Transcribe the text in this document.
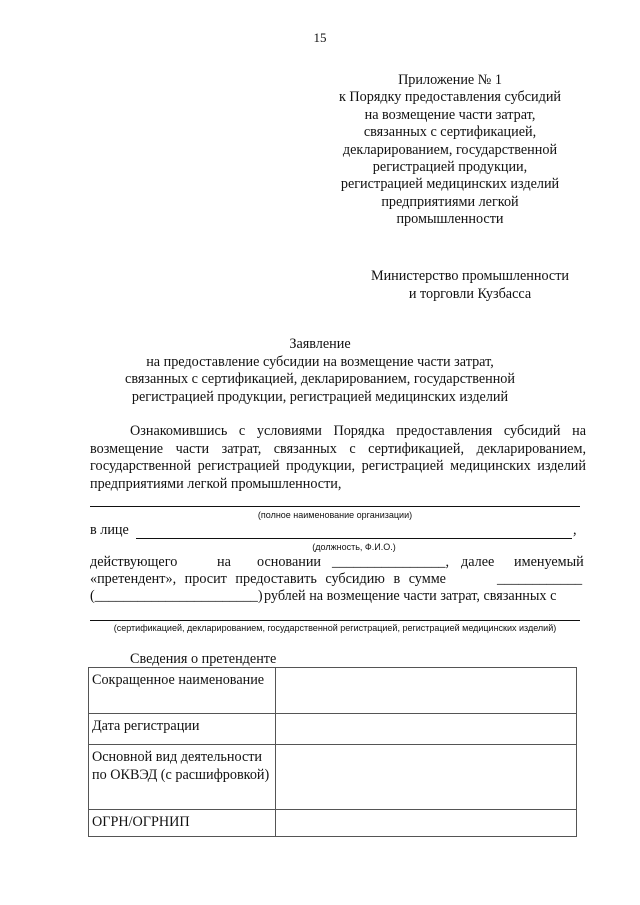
15
Приложение № 1
к Порядку предоставления субсидий
на возмещение части затрат,
связанных с сертификацией,
декларированием, государственной
регистрацией продукции,
регистрацией медицинских изделий
предприятиями легкой
промышленности
Министерство промышленности
и торговли Кузбасса
Заявление
на предоставление субсидии на возмещение части затрат,
связанных с сертификацией, декларированием, государственной
регистрацией продукции, регистрацией медицинских изделий
Ознакомившись с условиями Порядка предоставления субсидий на возмещение части затрат, связанных с сертификацией, декларированием, государственной регистрацией продукции, регистрацией медицинских изделий предприятиями легкой промышленности,
(полное наименование организации)
в лице	,
(должность, Ф.И.О.)
действующего	на основании ________________, далее именуемый
«претендент», просит предоставить субсидию в сумме	____________
(_______________________) рублей на возмещение части затрат, связанных с
(сертификацией, декларированием, государственной регистрацией, регистрацией медицинских изделий)
Сведения о претенденте
Сокращенное наименование	
Дата регистрации	
Основной вид деятельности по ОКВЭД (с расшифровкой)	
ОГРН/ОГРНИП	
